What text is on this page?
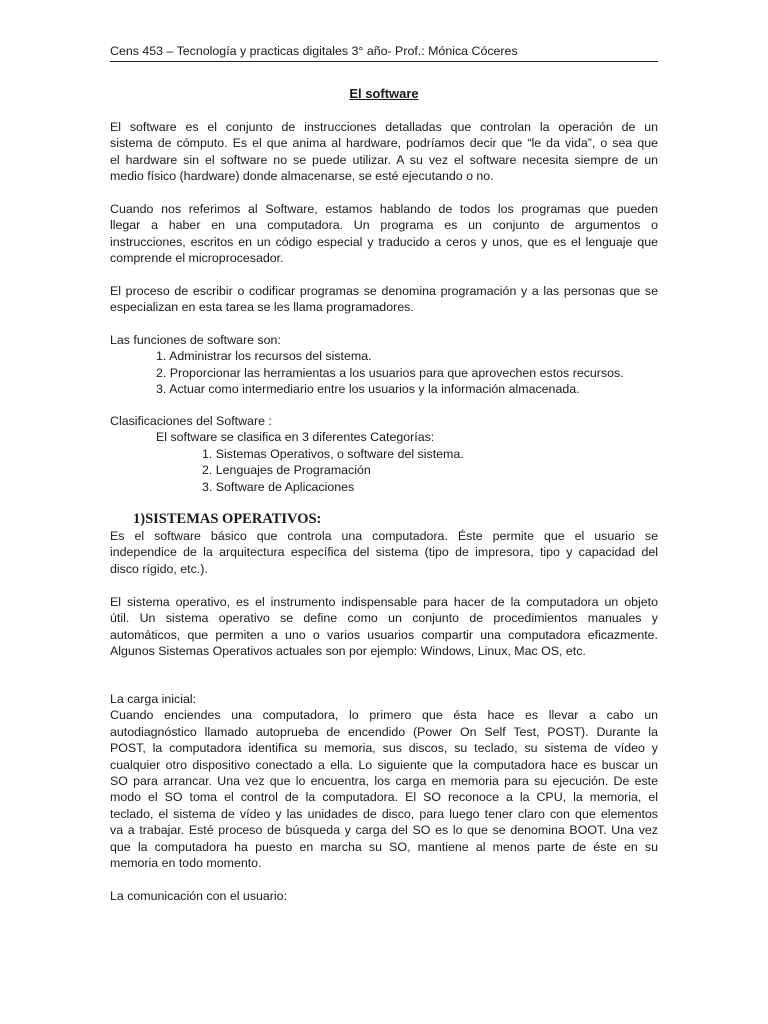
Cens 453 – Tecnología y practicas digitales 3° año- Prof.: Mónica Cóceres
El software
El software es el conjunto de instrucciones detalladas que controlan la operación de un
sistema de cómputo. Es el que anima al hardware, podríamos decir que “le da vida”, o sea que
el hardware sin el software no se puede utilizar. A su vez el software necesita siempre de un
medio físico (hardware) donde almacenarse, se esté ejecutando o no.
Cuando nos referimos al Software, estamos hablando de todos los programas que pueden
llegar a haber en una computadora. Un programa es un conjunto de argumentos o
instrucciones, escritos en un código especial y traducido a ceros y unos, que es el lenguaje que
comprende el microprocesador.
El proceso de escribir o codificar programas se denomina programación y a las personas que se
especializan en esta tarea se les llama programadores.
Las funciones de software son:
1. Administrar los recursos del sistema.
2. Proporcionar las herramientas a los usuarios para que aprovechen estos recursos.
3. Actuar como intermediario entre los usuarios y la información almacenada.
Clasificaciones del Software :
El software se clasifica en 3 diferentes Categorías:
1. Sistemas Operativos, o software del sistema.
2. Lenguajes de Programación
3. Software de Aplicaciones
1)SISTEMAS OPERATIVOS:
Es el software básico que controla una computadora. Éste permite que el usuario se
independice de la arquitectura específica del sistema (tipo de impresora, tipo y capacidad del
disco rígido, etc.).
El sistema operativo, es el instrumento indispensable para hacer de la computadora un objeto
útil. Un sistema operativo se define como un conjunto de procedimientos manuales y
automáticos, que permiten a uno o varios usuarios compartir una computadora eficazmente.
Algunos Sistemas Operativos actuales son por ejemplo: Windows, Linux, Mac OS, etc.
La carga inicial:
Cuando enciendes una computadora, lo primero que ésta hace es llevar a cabo un
autodiagnóstico llamado autoprueba de encendido (Power On Self Test, POST). Durante la
POST, la computadora identifica su memoria, sus discos, su teclado, su sistema de vídeo y
cualquier otro dispositivo conectado a ella. Lo siguiente que la computadora hace es buscar un
SO para arrancar. Una vez que lo encuentra, los carga en memoria para su ejecución. De este
modo el SO toma el control de la computadora. El SO reconoce a la CPU, la memoria, el
teclado, el sistema de vídeo y las unidades de disco, para luego tener claro con que elementos
va a trabajar. Esté proceso de búsqueda y carga del SO es lo que se denomina BOOT. Una vez
que la computadora ha puesto en marcha su SO, mantiene al menos parte de éste en su
memoria en todo momento.
La comunicación con el usuario:
